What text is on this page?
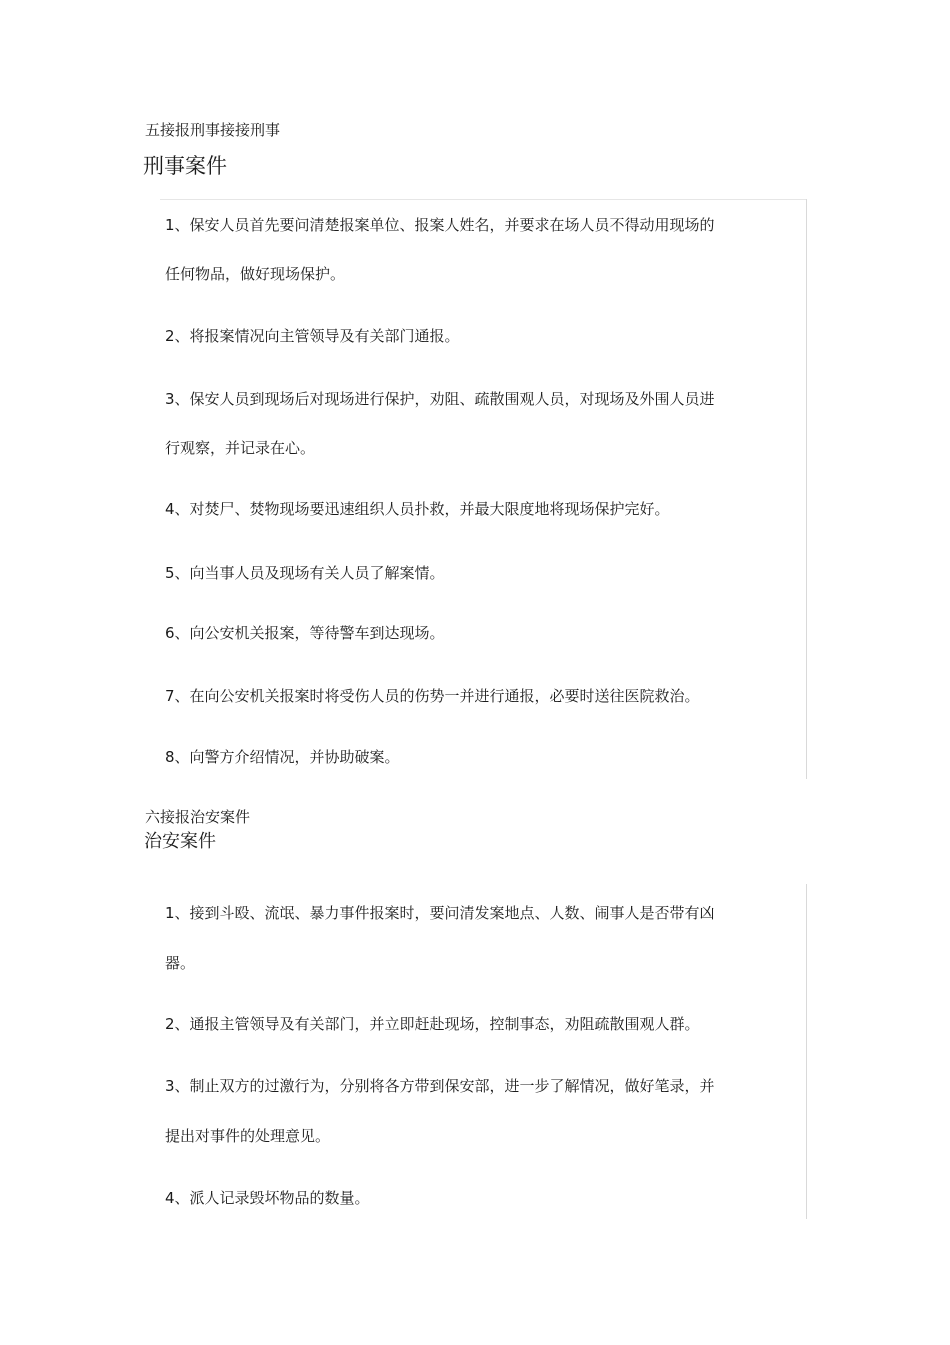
五接报刑事接接刑事
刑事案件
1、保安人员首先要问清楚报案单位、报案人姓名，并要求在场人员不得动用现场的
任何物品，做好现场保护。
2、将报案情况向主管领导及有关部门通报。
3、保安人员到现场后对现场进行保护，劝阻、疏散围观人员，对现场及外围人员进
行观察，并记录在心。
4、对焚尸、焚物现场要迅速组织人员扑救，并最大限度地将现场保护完好。
5、向当事人员及现场有关人员了解案情。
6、向公安机关报案，等待警车到达现场。
7、在向公安机关报案时将受伤人员的伤势一并进行通报，必要时送往医院救治。
8、向警方介绍情况，并协助破案。
六接报治安案件
治安案件
1、接到斗殴、流氓、暴力事件报案时，要问清发案地点、人数、闹事人是否带有凶
器。
2、通报主管领导及有关部门，并立即赶赴现场，控制事态，劝阻疏散围观人群。
3、制止双方的过激行为，分别将各方带到保安部，进一步了解情况，做好笔录，并
提出对事件的处理意见。
4、派人记录毁坏物品的数量。
